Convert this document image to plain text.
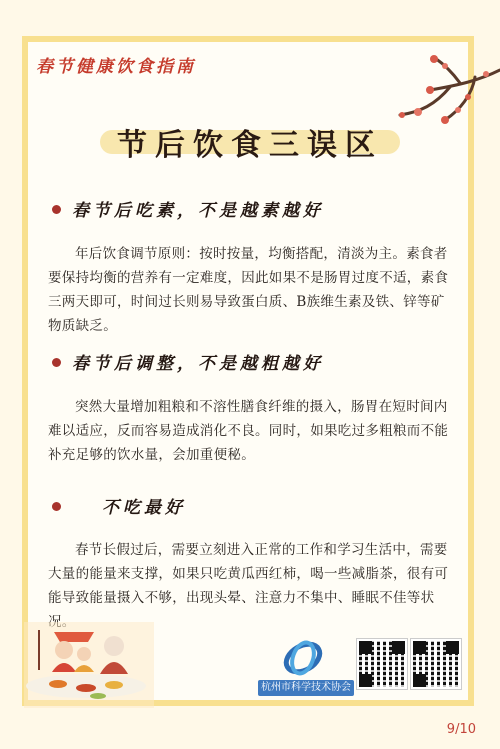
春节健康饮食指南
节后饮食三误区
春节后吃素，不是越素越好
年后饮食调节原则：按时按量，均衡搭配，清淡为主。素食者要保持均衡的营养有一定难度，因此如果不是肠胃过度不适，素食三两天即可，时间过长则易导致蛋白质、B族维生素及铁、锌等矿物质缺乏。
春节后调整，不是越粗越好
突然大量增加粗粮和不溶性膳食纤维的摄入，肠胃在短时间内难以适应，反而容易造成消化不良。同时，如果吃过多粗粮而不能补充足够的饮水量，会加重便秘。
不吃最好
春节长假过后，需要立刻进入正常的工作和学习生活中，需要大量的能量来支撑，如果只吃黄瓜西红柿，喝一些减脂茶，很有可能导致能量摄入不够，出现头晕、注意力不集中、睡眠不佳等状
杭州市科学技术协会
9/10
